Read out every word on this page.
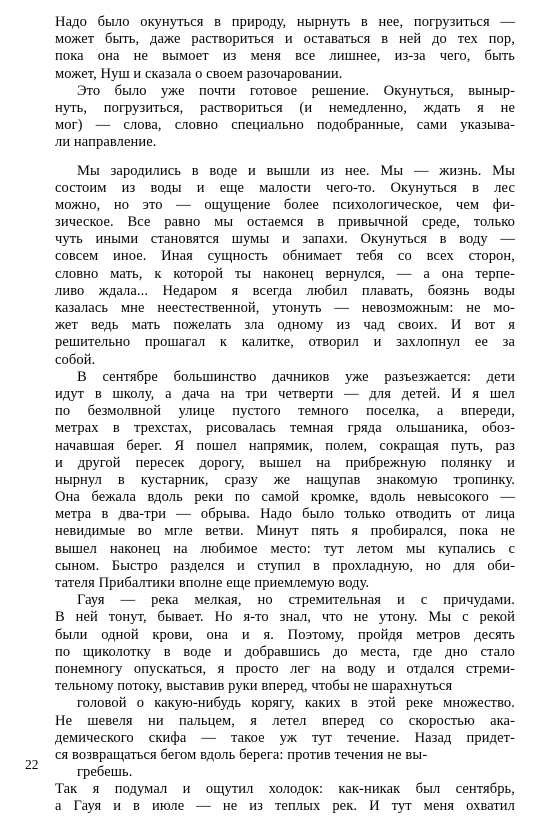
Надо было окунуться в природу, нырнуть в нее, погрузиться —
может быть, даже раствориться и оставаться в ней до тех пор,
пока она не вымоет из меня все лишнее, из-за чего, быть
может, Нуш и сказала о своем разочаровании.
Это было уже почти готовое решение. Окунуться, выныр-
нуть, погрузиться, раствориться (и немедленно, ждать я не
мог) — слова, словно специально подобранные, сами указыва-
ли направление.
Мы зародились в воде и вышли из нее. Мы — жизнь. Мы
состоим из воды и еще малости чего-то. Окунуться в лес
можно, но это — ощущение более психологическое, чем фи-
зическое. Все равно мы остаемся в привычной среде, только
чуть иными становятся шумы и запахи. Окунуться в воду —
совсем иное. Иная сущность обнимает тебя со всех сторон,
словно мать, к которой ты наконец вернулся, — а она терпе-
ливо ждала... Недаром я всегда любил плавать, боязнь воды
казалась мне неестественной, утонуть — невозможным: не мо-
жет ведь мать пожелать зла одному из чад своих. И вот я
решительно прошагал к калитке, отворил и захлопнул ее за
собой.
В сентябре большинство дачников уже разъезжается: дети
идут в школу, а дача на три четверти — для детей. И я шел
по безмолвной улице пустого темного поселка, а впереди,
метрах в трехстах, рисовалась темная гряда ольшаника, обоз-
начавшая берег. Я пошел напрямик, полем, сокращая путь, раз
и другой пересек дорогу, вышел на прибрежную полянку и
нырнул в кустарник, сразу же нащупав знакомую тропинку.
Она бежала вдоль реки по самой кромке, вдоль невысокого —
метра в два-три — обрыва. Надо было только отводить от лица
невидимые во мгле ветви. Минут пять я пробирался, пока не
вышел наконец на любимое место: тут летом мы купались с
сыном. Быстро разделся и ступил в прохладную, но для оби-
тателя Прибалтики вполне еще приемлемую воду.
Гауя — река мелкая, но стремительная и с причудами.
В ней тонут, бывает. Но я-то знал, что не утону. Мы с рекой
были одной крови, она и я. Поэтому, пройдя метров десять
по щиколотку в воде и добравшись до места, где дно стало
понемногу опускаться, я просто лег на воду и отдался стреми-
тельному потоку, выставив руки вперед, чтобы не шарахнуться
головой о какую-нибудь корягу, каких в этой реке множество.
Не шевеля ни пальцем, я летел вперед со скоростью ака-
демического скифа — такое уж тут течение. Назад придет-
ся возвращаться бегом вдоль берега: против течения не вы-
гребешь.
Так я подумал и ощутил холодок: как-никак был сентябрь,
а Гауя и в июле — не из теплых рек. И тут меня охватил
22
